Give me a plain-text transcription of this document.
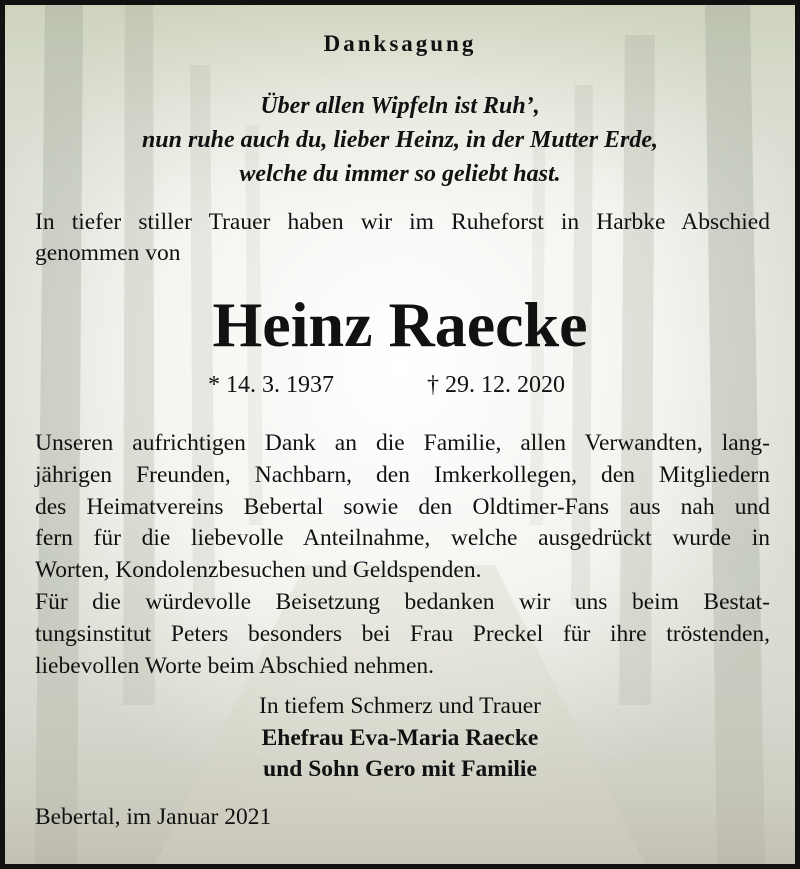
Danksagung
Über allen Wipfeln ist Ruh’,
nun ruhe auch du, lieber Heinz, in der Mutter Erde,
welche du immer so geliebt hast.
In tiefer stiller Trauer haben wir im Ruheforst in Harbke Abschied
genommen von
Heinz Raecke
* 14. 3. 1937	† 29. 12. 2020
Unseren aufrichtigen Dank an die Familie, allen Verwandten, lang-
jährigen Freunden, Nachbarn, den Imkerkollegen, den Mitgliedern
des Heimatvereins Bebertal sowie den Oldtimer-Fans aus nah und
fern für die liebevolle Anteilnahme, welche ausgedrückt wurde in
Worten, Kondolenzbesuchen und Geldspenden.
Für die würdevolle Beisetzung bedanken wir uns beim Bestat-
tungsinstitut Peters besonders bei Frau Preckel für ihre tröstenden,
liebevollen Worte beim Abschied nehmen.
In tiefem Schmerz und Trauer
Ehefrau Eva-Maria Raecke
und Sohn Gero mit Familie
Bebertal, im Januar 2021
